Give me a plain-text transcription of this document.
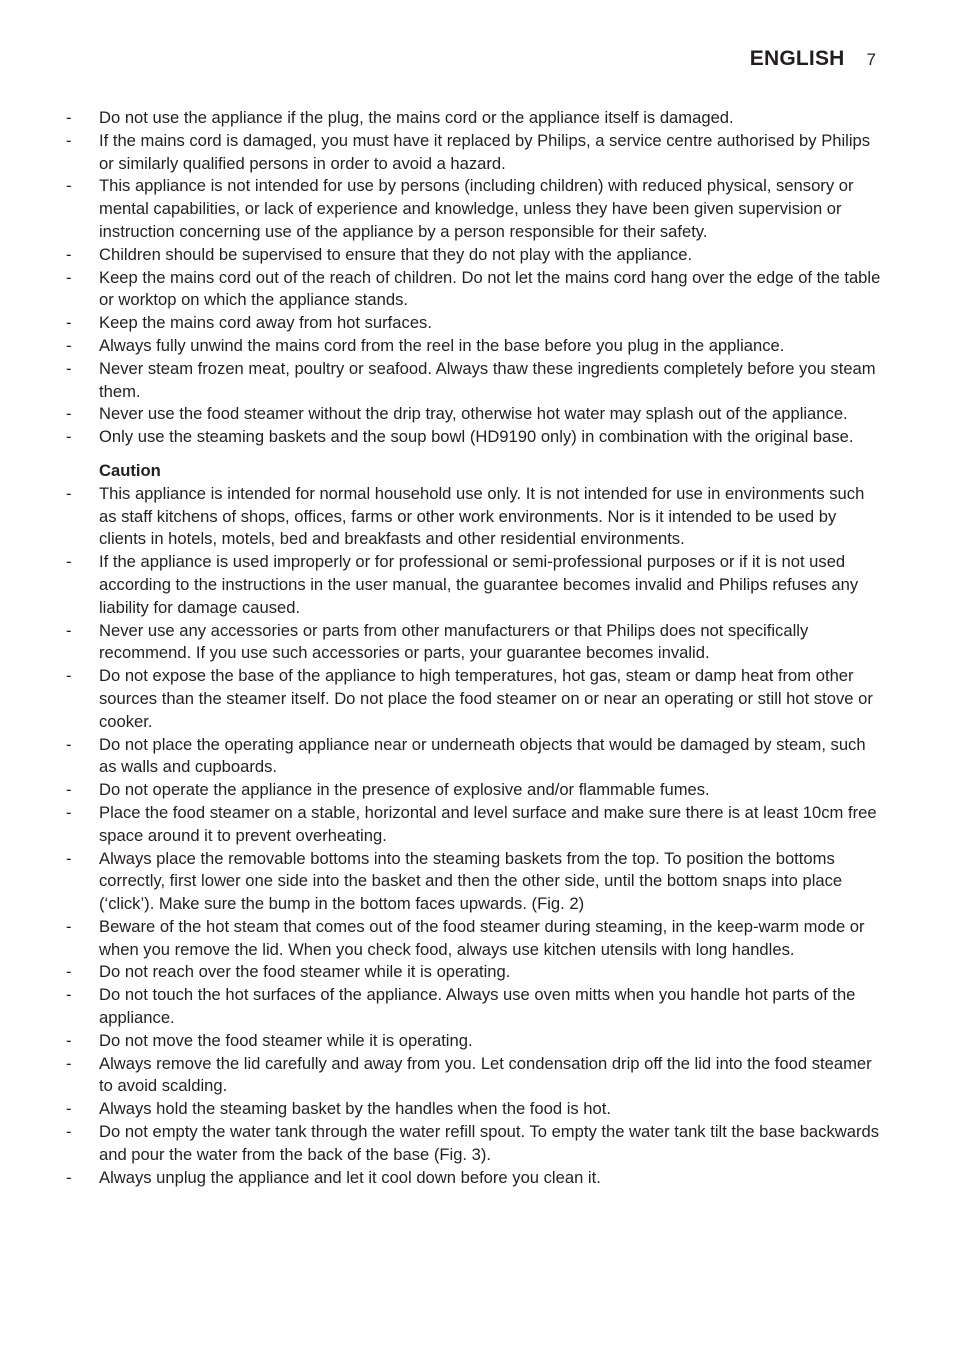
ENGLISH 7
- Do not use the appliance if the plug, the mains cord or the appliance itself is damaged.
- If the mains cord is damaged, you must have it replaced by Philips, a service centre authorised by Philips or similarly qualified persons in order to avoid a hazard.
- This appliance is not intended for use by persons (including children) with reduced physical, sensory or mental capabilities, or lack of experience and knowledge, unless they have been given supervision or instruction concerning use of the appliance by a person responsible for their safety.
- Children should be supervised to ensure that they do not play with the appliance.
- Keep the mains cord out of the reach of children. Do not let the mains cord hang over the edge of the table or worktop on which the appliance stands.
- Keep the mains cord away from hot surfaces.
- Always fully unwind the mains cord from the reel in the base before you plug in the appliance.
- Never steam frozen meat, poultry or seafood. Always thaw these ingredients completely before you steam them.
- Never use the food steamer without the drip tray, otherwise hot water may splash out of the appliance.
- Only use the steaming baskets and the soup bowl (HD9190 only) in combination with the original base.
Caution
- This appliance is intended for normal household use only. It is not intended for use in environments such as staff kitchens of shops, offices, farms or other work environments. Nor is it intended to be used by clients in hotels, motels, bed and breakfasts and other residential environments.
- If the appliance is used improperly or for professional or semi-professional purposes or if it is not used according to the instructions in the user manual, the guarantee becomes invalid and Philips refuses any liability for damage caused.
- Never use any accessories or parts from other manufacturers or that Philips does not specifically recommend. If you use such accessories or parts, your guarantee becomes invalid.
- Do not expose the base of the appliance to high temperatures, hot gas, steam or damp heat from other sources than the steamer itself. Do not place the food steamer on or near an operating or still hot stove or cooker.
- Do not place the operating appliance near or underneath objects that would be damaged by steam, such as walls and cupboards.
- Do not operate the appliance in the presence of explosive and/or flammable fumes.
- Place the food steamer on a stable, horizontal and level surface and make sure there is at least 10cm free space around it to prevent overheating.
- Always place the removable bottoms into the steaming baskets from the top. To position the bottoms correctly, first lower one side into the basket and then the other side, until the bottom snaps into place (‘click’). Make sure the bump in the bottom faces upwards. (Fig. 2)
- Beware of the hot steam that comes out of the food steamer during steaming, in the keep-warm mode or when you remove the lid. When you check food, always use kitchen utensils with long handles.
- Do not reach over the food steamer while it is operating.
- Do not touch the hot surfaces of the appliance. Always use oven mitts when you handle hot parts of the appliance.
- Do not move the food steamer while it is operating.
- Always remove the lid carefully and away from you. Let condensation drip off the lid into the food steamer to avoid scalding.
- Always hold the steaming basket by the handles when the food is hot.
- Do not empty the water tank through the water refill spout. To empty the water tank tilt the base backwards and pour the water from the back of the base (Fig. 3).
- Always unplug the appliance and let it cool down before you clean it.
